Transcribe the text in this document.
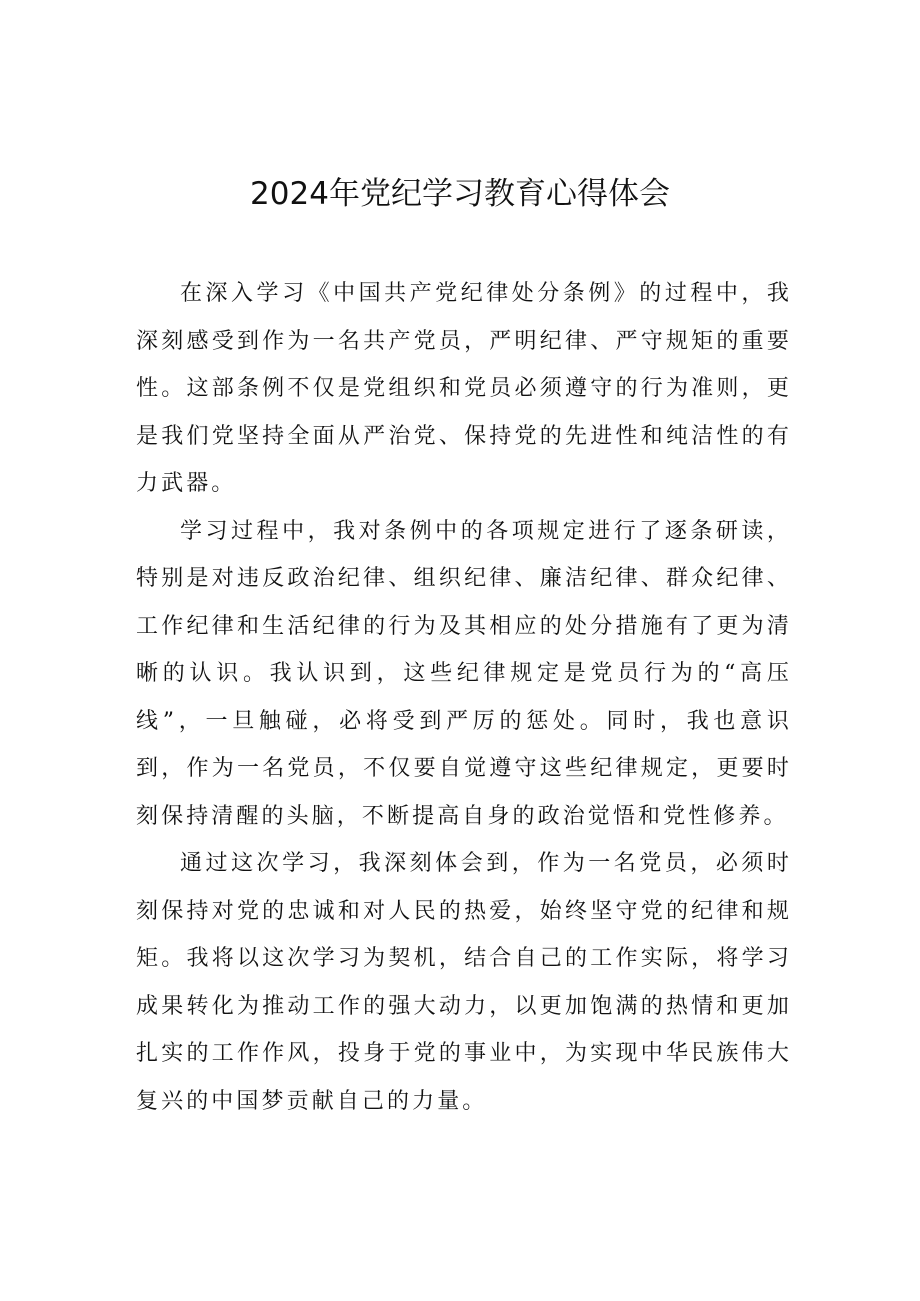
2024年党纪学习教育心得体会

在深入学习《中国共产党纪律处分条例》的过程中，我深刻感受到作为一名共产党员，严明纪律、严守规矩的重要性。这部条例不仅是党组织和党员必须遵守的行为准则，更是我们党坚持全面从严治党、保持党的先进性和纯洁性的有力武器。

学习过程中，我对条例中的各项规定进行了逐条研读，特别是对违反政治纪律、组织纪律、廉洁纪律、群众纪律、工作纪律和生活纪律的行为及其相应的处分措施有了更为清晰的认识。我认识到，这些纪律规定是党员行为的“高压线”，一旦触碰，必将受到严厉的惩处。同时，我也意识到，作为一名党员，不仅要自觉遵守这些纪律规定，更要时刻保持清醒的头脑，不断提高自身的政治觉悟和党性修养。

通过这次学习，我深刻体会到，作为一名党员，必须时刻保持对党的忠诚和对人民的热爱，始终坚守党的纪律和规矩。我将以这次学习为契机，结合自己的工作实际，将学习成果转化为推动工作的强大动力，以更加饱满的热情和更加扎实的工作作风，投身于党的事业中，为实现中华民族伟大复兴的中国梦贡献自己的力量。
